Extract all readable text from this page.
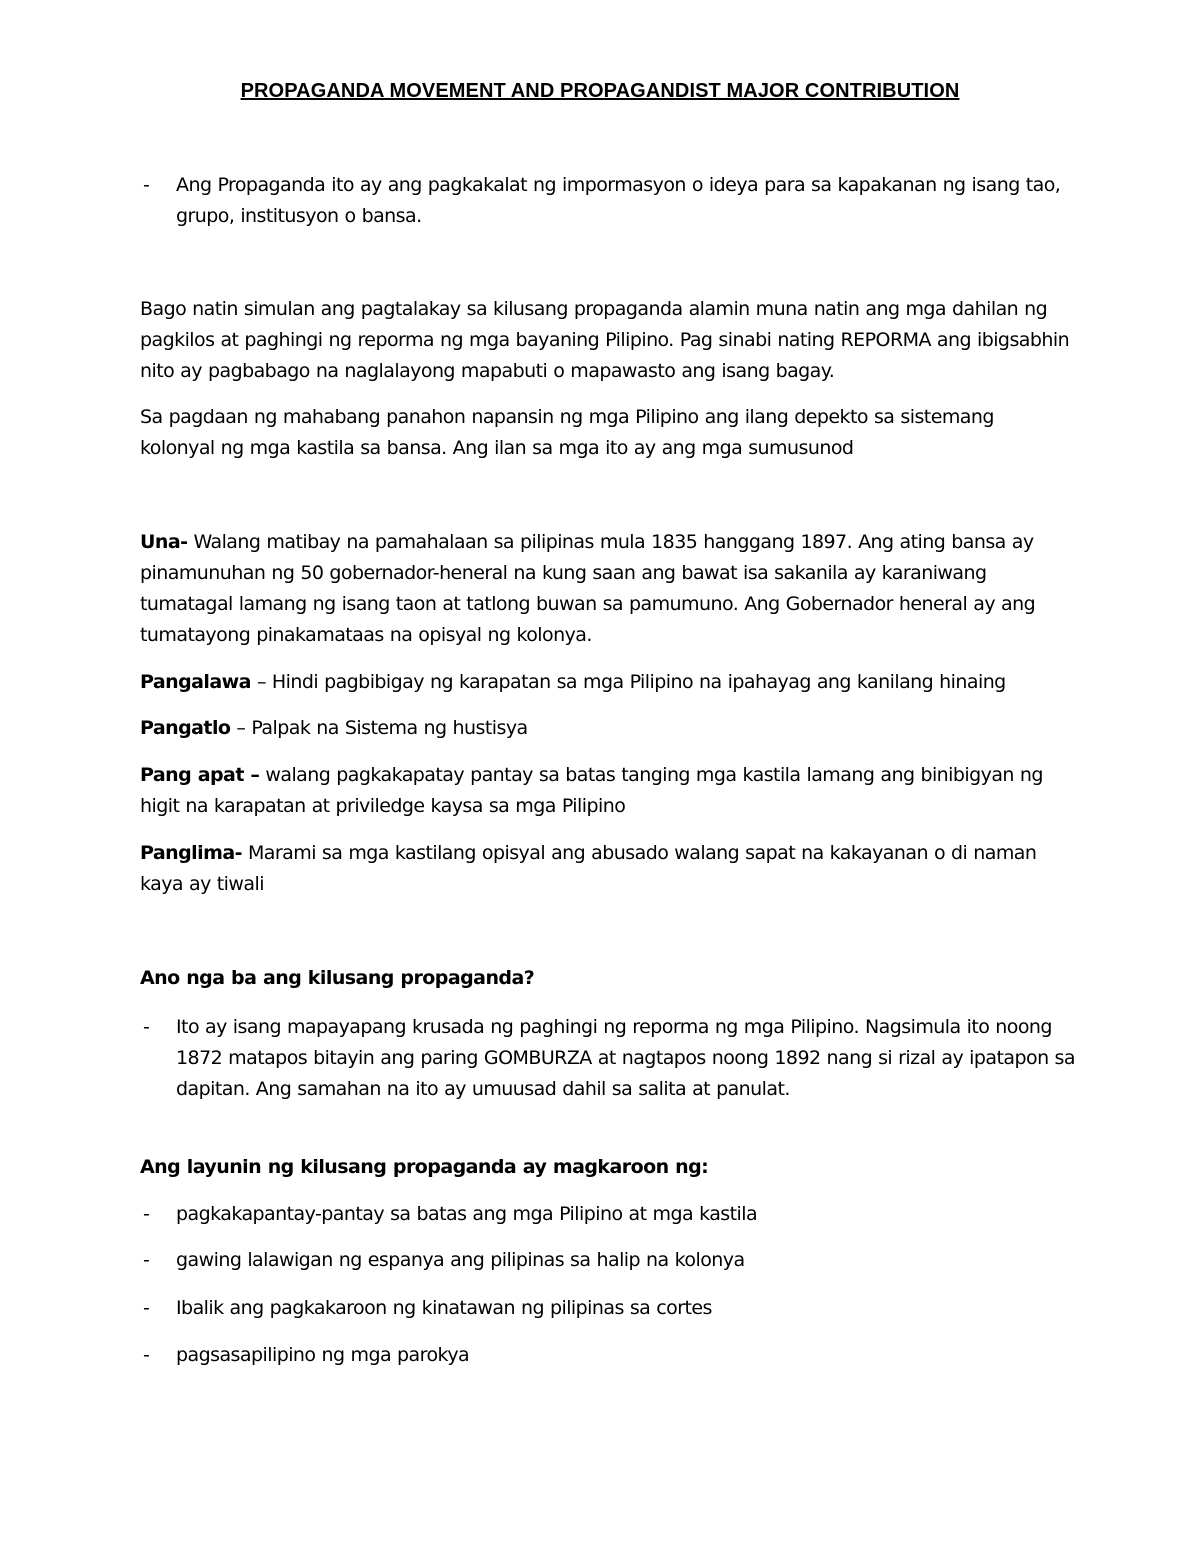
PROPAGANDA MOVEMENT AND PROPAGANDIST MAJOR CONTRIBUTION
- Ang Propaganda ito ay ang pagkakalat ng impormasyon o ideya para sa kapakanan ng isang tao, grupo, institusyon o bansa.
Bago natin simulan ang pagtalakay sa kilusang propaganda alamin muna natin ang mga dahilan ng pagkilos at paghingi ng reporma ng mga bayaning Pilipino. Pag sinabi nating REPORMA ang ibigsabhin nito ay pagbabago na naglalayong mapabuti o mapawasto ang isang bagay.
Sa pagdaan ng mahabang panahon napansin ng mga Pilipino ang ilang depekto sa sistemang kolonyal ng mga kastila sa bansa. Ang ilan sa mga ito ay ang mga sumusunod
Una- Walang matibay na pamahalaan sa pilipinas mula 1835 hanggang 1897. Ang ating bansa ay pinamunuhan ng 50 gobernador-heneral na kung saan ang bawat isa sakanila ay karaniwang tumatagal lamang ng isang taon at tatlong buwan sa pamumuno. Ang Gobernador heneral ay ang tumatayong pinakamataas na opisyal ng kolonya.
Pangalawa – Hindi pagbibigay ng karapatan sa mga Pilipino na ipahayag ang kanilang hinaing
Pangatlo – Palpak na Sistema ng hustisya
Pang apat – walang pagkakapatay pantay sa batas tanging mga kastila lamang ang binibigyan ng higit na karapatan at priviledge kaysa sa mga Pilipino
Panglima- Marami sa mga kastilang opisyal ang abusado walang sapat na kakayanan o di naman kaya ay tiwali
Ano nga ba ang kilusang propaganda?
- Ito ay isang mapayapang krusada ng paghingi ng reporma ng mga Pilipino. Nagsimula ito noong 1872 matapos bitayin ang paring GOMBURZA at nagtapos noong 1892 nang si rizal ay ipatapon sa dapitan. Ang samahan na ito ay umuusad dahil sa salita at panulat.
Ang layunin ng kilusang propaganda ay magkaroon ng:
- pagkakapantay-pantay sa batas ang mga Pilipino at mga kastila
- gawing lalawigan ng espanya ang pilipinas sa halip na kolonya
- Ibalik ang pagkakaroon ng kinatawan ng pilipinas sa cortes
- pagsasapilipino ng mga parokya
